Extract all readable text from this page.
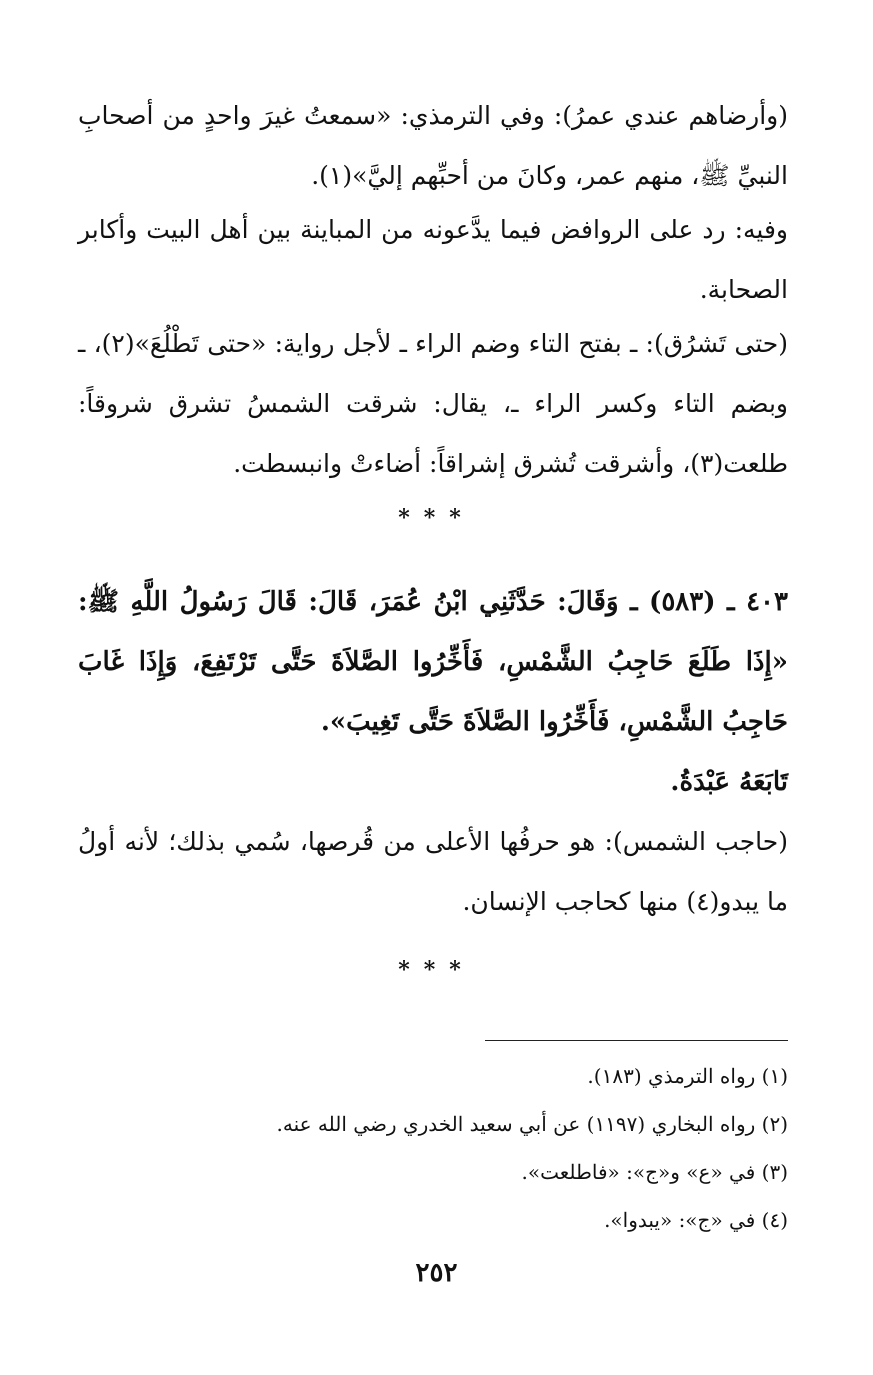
(وأرضاهم عندي عمرُ): وفي الترمذي: «سمعتُ غيرَ واحدٍ من أصحابِ النبيِّ ﷺ، منهم عمر، وكانَ من أحبِّهم إليَّ»(١).

وفيه: رد على الروافض فيما يدَّعونه من المباينة بين أهل البيت وأكابر الصحابة.

(حتى تَشرُق): ـ بفتح التاء وضم الراء ـ لأجل رواية: «حتى تَطْلُعَ»(٢)، ـ وبضم التاء وكسر الراء ـ، يقال: شرقت الشمسُ تشرق شروقاً: طلعت(٣)، وأشرقت تُشرق إشراقاً: أضاءتْ وانبسطت.

***

٤٠٣ ـ (٥٨٣) ـ وَقَالَ: حَدَّثَنِي ابْنُ عُمَرَ، قَالَ: قَالَ رَسُولُ اللَّهِ ﷺ: «إِذَا طَلَعَ حَاجِبُ الشَّمْسِ، فَأَخِّرُوا الصَّلاَةَ حَتَّى تَرْتَفِعَ، وَإِذَا غَابَ حَاجِبُ الشَّمْسِ، فَأَخِّرُوا الصَّلاَةَ حَتَّى تَغِيبَ».

تَابَعَهُ عَبْدَةُ.

(حاجب الشمس): هو حرفُها الأعلى من قُرصها، سُمي بذلك؛ لأنه أولُ ما يبدو(٤) منها كحاجب الإنسان.

***

(١) رواه الترمذي (١٨٣).

(٢) رواه البخاري (١١٩٧) عن أبي سعيد الخدري رضي الله عنه.

(٣) في «ع» و«ج»: «فاطلعت».

(٤) في «ج»: «يبدوا».

٢٥٢
